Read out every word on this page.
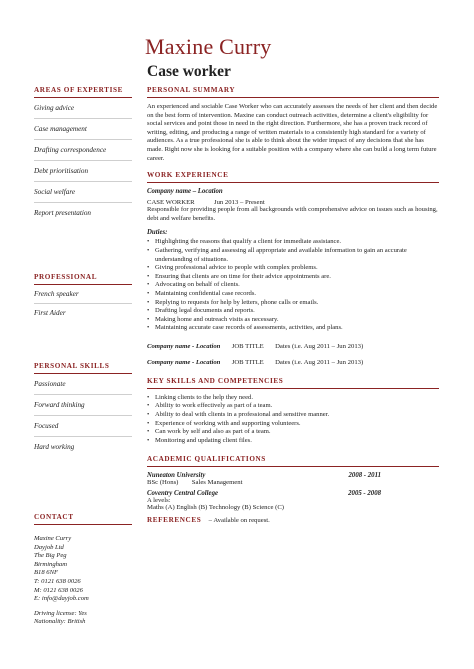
Maxine Curry
Case worker
AREAS OF EXPERTISE
Giving advice
Case management
Drafting correspondence
Debt prioritisation
Social welfare
Report presentation
PROFESSIONAL
French speaker
First Aider
PERSONAL SKILLS
Passionate
Forward thinking
Focused
Hard working
CONTACT
Maxine Curry
Dayjob Ltd
The Big Peg
Birmingham
B18 6NF
T: 0121 638 0026
M: 0121 638 0026
E: info@dayjob.com
Driving license: Yes
Nationality: British
PERSONAL SUMMARY

An experienced and sociable Case Worker who can accurately assesses the needs of her client and then decide on the best form of intervention. Maxine can conduct outreach activities, determine a client's eligibility for social services and point those in need in the right direction. Furthermore, she has a proven track record of writing, editing, and producing a range of written materials to a consistently high standard for a variety of audiences. As a true professional she is able to think about the wider impact of any decisions that she has made. Right now she is looking for a suitable position with a company where she can build a long term future career.

WORK EXPERIENCE
Company name – Location
CASE WORKER	Jun 2013 – Present

Responsible for providing people from all backgrounds with comprehensive advice on issues such as housing, debt and welfare benefits.

Duties:
• Highlighting the reasons that qualify a client for immediate assistance.
• Gathering, verifying and assessing all appropriate and available information to gain an accurate understanding of situations.
• Giving professional advice to people with complex problems.
• Ensuring that clients are on time for their advice appointments are.
• Advocating on behalf of clients.
• Maintaining confidential case records.
• Replying to requests for help by letters, phone calls or emails.
• Drafting legal documents and reports.
• Making home and outreach visits as necessary.
• Maintaining accurate case records of assessments, activities, and plans.
Company name - Location JOB TITLE Dates (i.e. Aug 2011 – Jun 2013)
Company name - Location JOB TITLE Dates (i.e. Aug 2011 – Jun 2013)
KEY SKILLS AND COMPETENCIES
• Linking clients to the help they need.
• Ability to work effectively as part of a team.
• Ability to deal with clients in a professional and sensitive manner.
• Experience of working with and supporting volunteers.
• Can work by self and also as part of a team.
• Monitoring and updating client files.
ACADEMIC QUALIFICATIONS
Nuneaton University	2008 - 2011
BSc (Hons)        Sales Management
Coventry Central College	2005 - 2008
A levels:
Maths (A) English (B) Technology (B) Science (C)
REFERENCES – Available on request.
